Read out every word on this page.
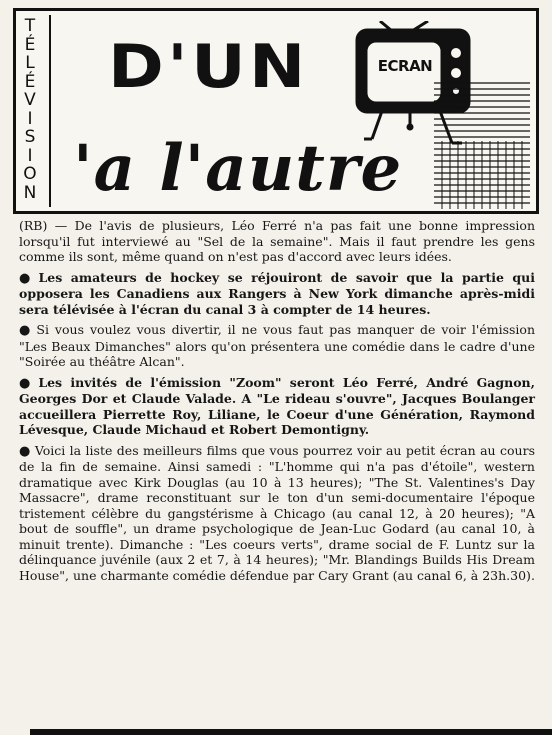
T
É
L
É
V
I
S
I
O
N
D'UN	ECRAN
'a l'autre

(RB) — De l'avis de plusieurs, Léo Ferré n'a pas fait une bonne impression lorsqu'il fut interviewé au "Sel de la semaine". Mais il faut prendre les gens comme ils sont, même quand on n'est pas d'accord avec leurs idées.

● Les amateurs de hockey se réjouiront de savoir que la partie qui opposera les Canadiens aux Rangers à New York dimanche après-midi sera télévisée à l'écran du canal 3 à compter de 14 heures.

● Si vous voulez vous divertir, il ne vous faut pas manquer de voir l'émission "Les Beaux Dimanches" alors qu'on présentera une comédie dans le cadre d'une "Soirée au théâtre Alcan".

● Les invités de l'émission "Zoom" seront Léo Ferré, André Gagnon, Georges Dor et Claude Valade. A "Le rideau s'ouvre", Jacques Boulanger accueillera Pierrette Roy, Liliane, le Coeur d'une Génération, Raymond Lévesque, Claude Michaud et Robert Demontigny.

● Voici la liste des meilleurs films que vous pourrez voir au petit écran au cours de la fin de semaine. Ainsi samedi : "L'homme qui n'a pas d'étoile", western dramatique avec Kirk Douglas (au 10 à 13 heures); "The St. Valentines's Day Massacre", drame reconstituant sur le ton d'un semi-documentaire l'époque tristement célèbre du gangstérisme à Chicago (au canal 12, à 20 heures); "A bout de souffle", un drame psychologique de Jean-Luc Godard (au canal 10, à minuit trente). Dimanche : "Les coeurs verts", drame social de F. Luntz sur la délinquance juvénile (aux 2 et 7, à 14 heures); "Mr. Blandings Builds His Dream House", une charmante comédie défendue par Cary Grant (au canal 6, à 23h.30).
